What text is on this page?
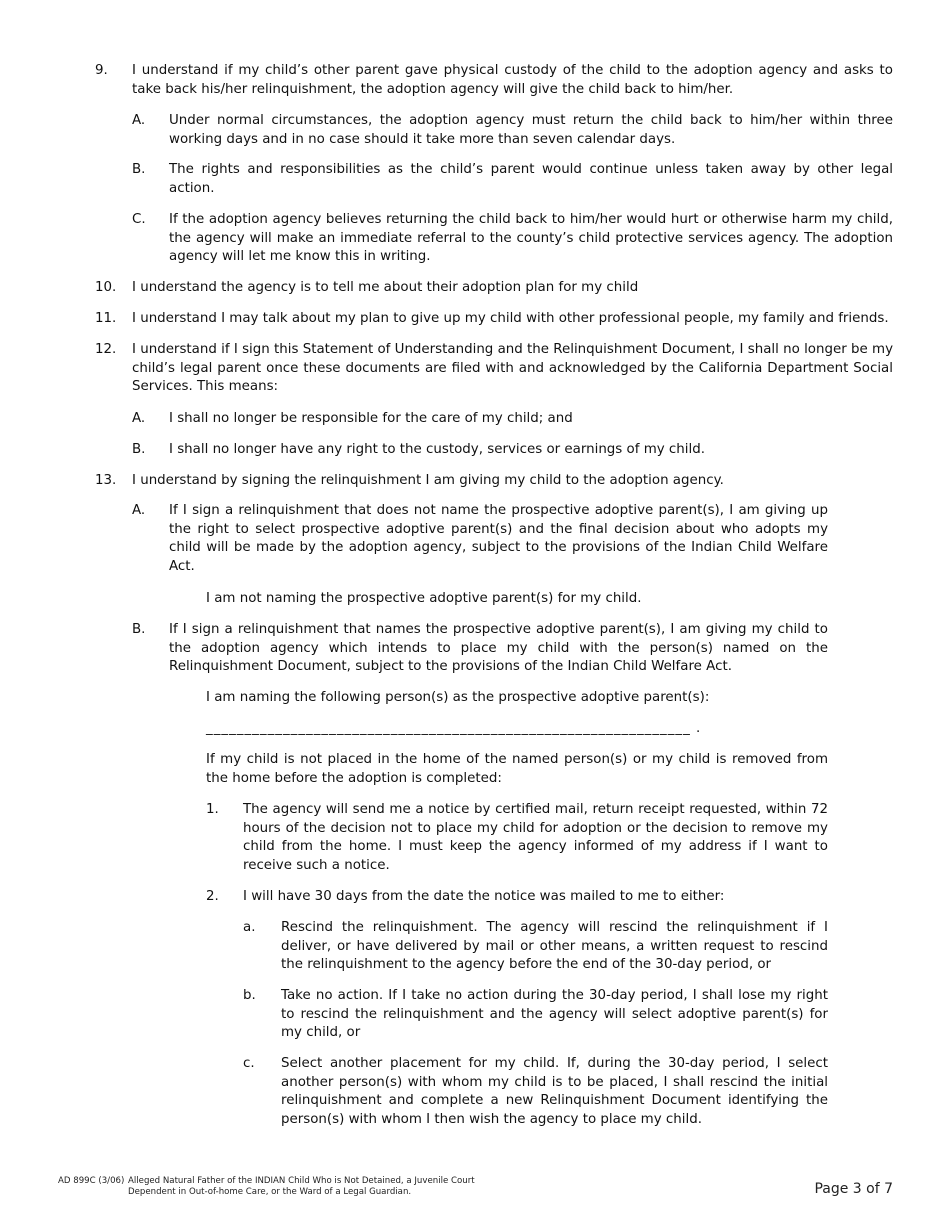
9.	I understand if my child’s other parent gave physical custody of the child to the adoption agency and asks to take back his/her relinquishment, the adoption agency will give the child back to him/her.
A.	Under normal circumstances, the adoption agency must return the child back to him/her within three working days and in no case should it take more than seven calendar days.
B.	The rights and responsibilities as the child’s parent would continue unless taken away by other legal action.
C.	If the adoption agency believes returning the child back to him/her would hurt or otherwise harm my child, the agency will make an immediate referral to the county’s child protective services agency. The adoption agency will let me know this in writing.
10.	I understand the agency is to tell me about their adoption plan for my child
11.	I understand I may talk about my plan to give up my child with other professional people, my family and friends.
12.	I understand if I sign this Statement of Understanding and the Relinquishment Document, I shall no longer be my child’s legal parent once these documents are filed with and acknowledged by the California Department Social Services. This means:
A.	I shall no longer be responsible for the care of my child; and
B.	I shall no longer have any right to the custody, services or earnings of my child.
13.	I understand by signing the relinquishment I am giving my child to the adoption agency.
A.	If I sign a relinquishment that does not name the prospective adoptive parent(s), I am giving up the right to select prospective adoptive parent(s) and the final decision about who adopts my child will be made by the adoption agency, subject to the provisions of the Indian Child Welfare Act.
I am not naming the prospective adoptive parent(s) for my child.
B.	If I sign a relinquishment that names the prospective adoptive parent(s), I am giving my child to the adoption agency which intends to place my child with the person(s) named on the Relinquishment Document, subject to the provisions of the Indian Child Welfare Act.
I am naming the following person(s) as the prospective adoptive parent(s):
_______________________________________________________________ .
If my child is not placed in the home of the named person(s) or my child is removed from the home before the adoption is completed:
1.	The agency will send me a notice by certified mail, return receipt requested, within 72 hours of the decision not to place my child for adoption or the decision to remove my child from the home. I must keep the agency informed of my address if I want to receive such a notice.
2.	I will have 30 days from the date the notice was mailed to me to either:
a.	Rescind the relinquishment. The agency will rescind the relinquishment if I deliver, or have delivered by mail or other means, a written request to rescind the relinquishment to the agency before the end of the 30-day period, or
b.	Take no action. If I take no action during the 30-day period, I shall lose my right to rescind the relinquishment and the agency will select adoptive parent(s) for my child, or
c.	Select another placement for my child. If, during the 30-day period, I select another person(s) with whom my child is to be placed, I shall rescind the initial relinquishment and complete a new Relinquishment Document identifying the person(s) with whom I then wish the agency to place my child.
AD 899C (3/06) Alleged Natural Father of the INDIAN Child Who is Not Detained, a Juvenile Court
Dependent in Out-of-home Care, or the Ward of a Legal Guardian.	Page 3 of 7
